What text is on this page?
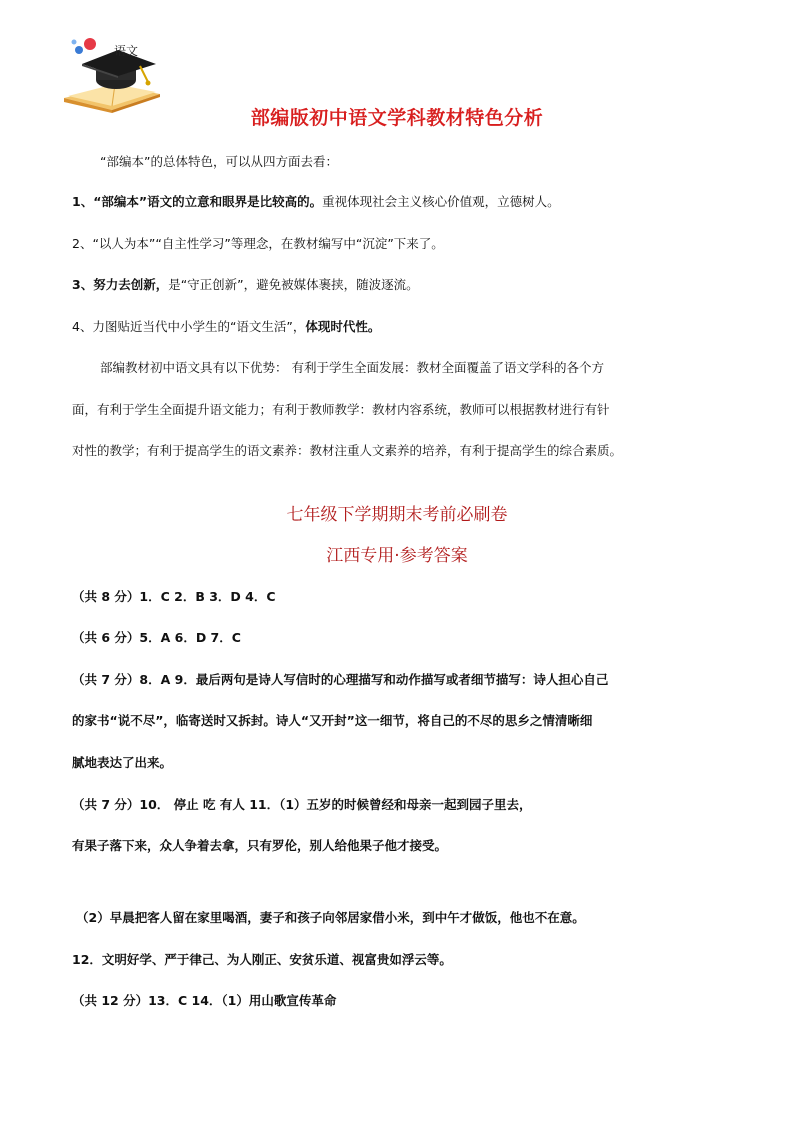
语文
部编版初中语文学科教材特色分析
“部编本”的总体特色，可以从四方面去看：
1、“部编本”语文的立意和眼界是比较高的。重视体现社会主义核心价值观，立德树人。
2、“以人为本”“自主性学习”等理念，在教材编写中“沉淀”下来了。
3、努力去创新，是“守正创新”，避免被媒体裹挟，随波逐流。
4、力图贴近当代中小学生的“语文生活”，体现时代性。
部编教材初中语文具有以下优势： 有利于学生全面发展：教材全面覆盖了语文学科的各个方
面，有利于学生全面提升语文能力；有利于教师教学：教材内容系统，教师可以根据教材进行有针
对性的教学；有利于提高学生的语文素养：教材注重人文素养的培养，有利于提高学生的综合素质。
七年级下学期期末考前必刷卷
江西专用·参考答案
（共 8 分）1．C 2．B 3．D 4．C
（共 6 分）5．A 6．D 7．C
（共 7 分）8．A 9．最后两句是诗人写信时的心理描写和动作描写或者细节描写：诗人担心自己
的家书“说不尽”，临寄送时又拆封。诗人“又开封”这一细节，将自己的不尽的思乡之情清晰细
腻地表达了出来。
（共 7 分）10． 停止 吃 有人 11．（1）五岁的时候曾经和母亲一起到园子里去，
有果子落下来，众人争着去拿，只有罗伦，别人给他果子他才接受。
（2）早晨把客人留在家里喝酒，妻子和孩子向邻居家借小米，到中午才做饭，他也不在意。
12．文明好学、严于律己、为人刚正、安贫乐道、视富贵如浮云等。
（共 12 分）13．C 14．（1）用山歌宣传革命
